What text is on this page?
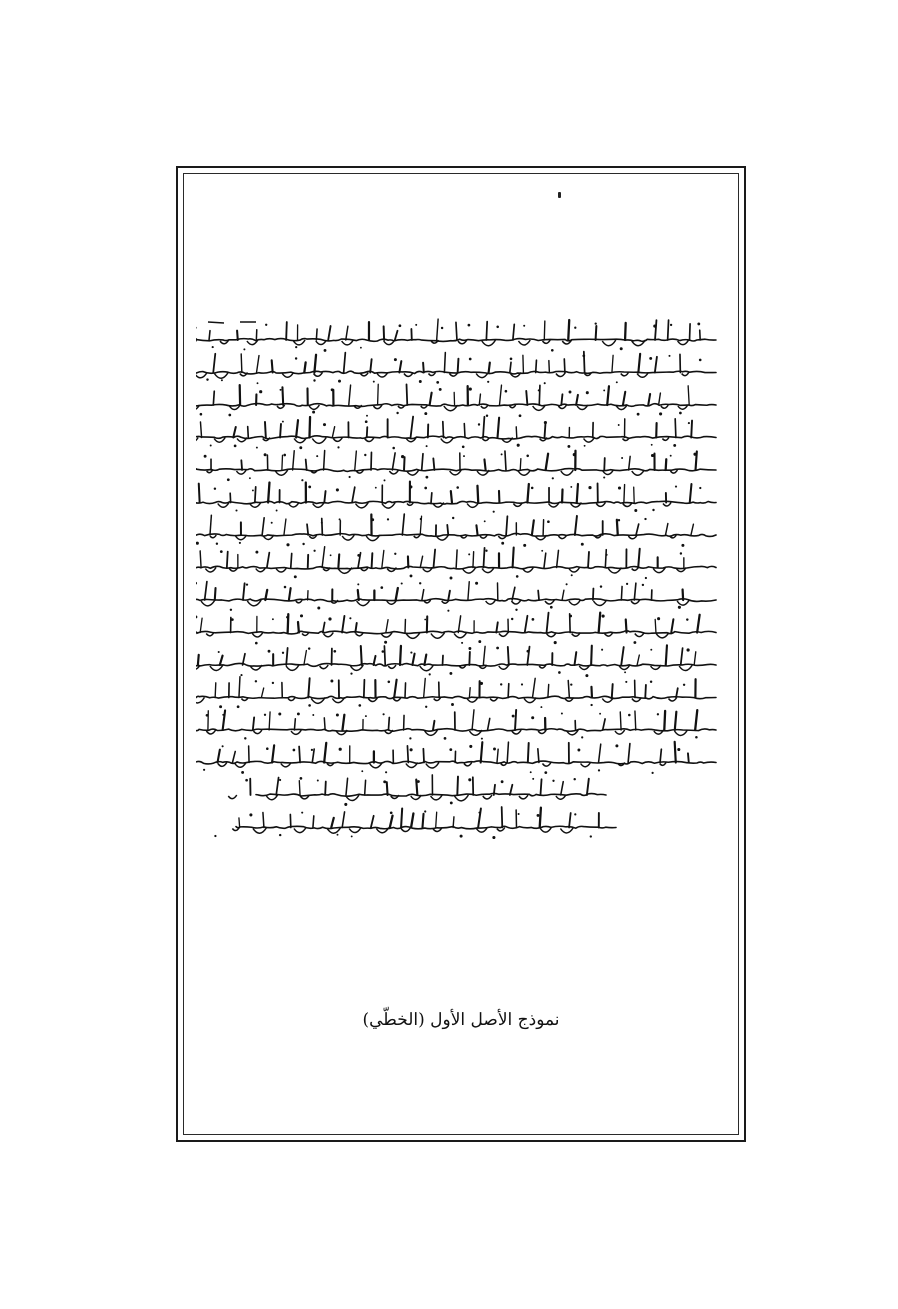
نموذج الأصل الأول (الخطّي)
